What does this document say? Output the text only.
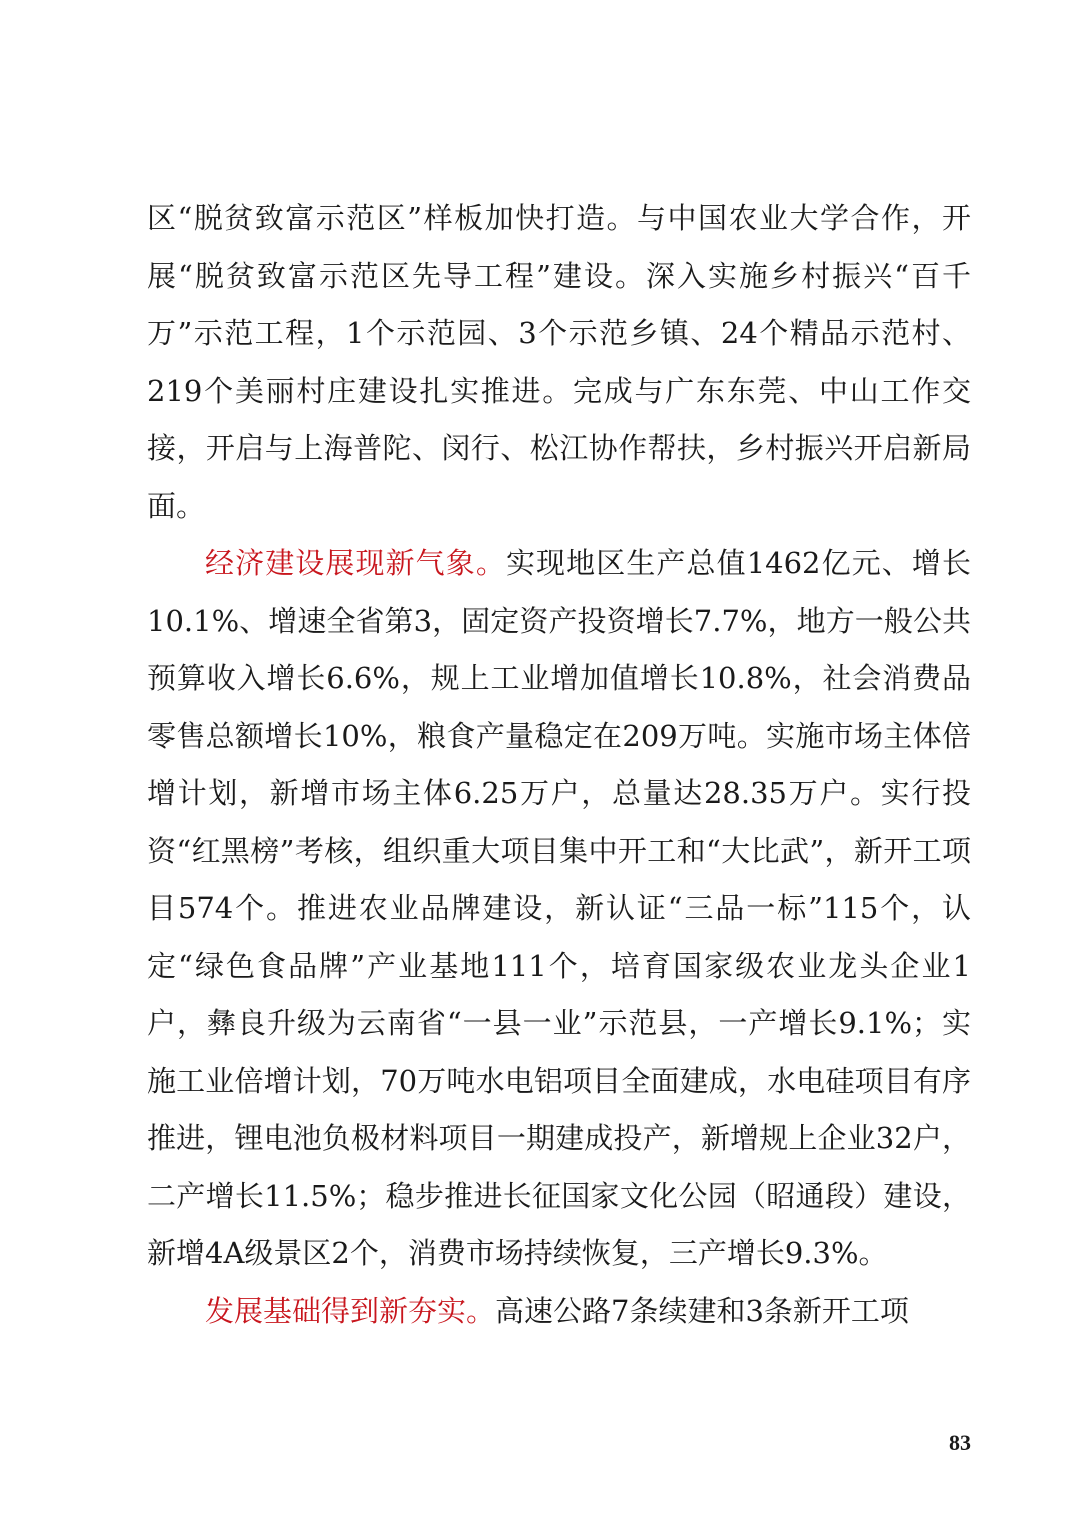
区“脱贫致富示范区”样板加快打造。与中国农业大学合作，开展“脱贫致富示范区先导工程”建设。深入实施乡村振兴“百千万”示范工程，1个示范园、3个示范乡镇、24个精品示范村、219个美丽村庄建设扎实推进。完成与广东东莞、中山工作交接，开启与上海普陀、闵行、松江协作帮扶，乡村振兴开启新局面。

经济建设展现新气象。实现地区生产总值1462亿元、增长10.1%、增速全省第3，固定资产投资增长7.7%，地方一般公共预算收入增长6.6%，规上工业增加值增长10.8%，社会消费品零售总额增长10%，粮食产量稳定在209万吨。实施市场主体倍增计划，新增市场主体6.25万户，总量达28.35万户。实行投资“红黑榜”考核，组织重大项目集中开工和“大比武”，新开工项目574个。推进农业品牌建设，新认证“三品一标”115个，认定“绿色食品牌”产业基地111个，培育国家级农业龙头企业1户，彝良升级为云南省“一县一业”示范县，一产增长9.1%；实施工业倍增计划，70万吨水电铝项目全面建成，水电硅项目有序推进，锂电池负极材料项目一期建成投产，新增规上企业32户，二产增长11.5%；稳步推进长征国家文化公园（昭通段）建设，新增4A级景区2个，消费市场持续恢复，三产增长9.3%。

发展基础得到新夯实。高速公路7条续建和3条新开工项

83
